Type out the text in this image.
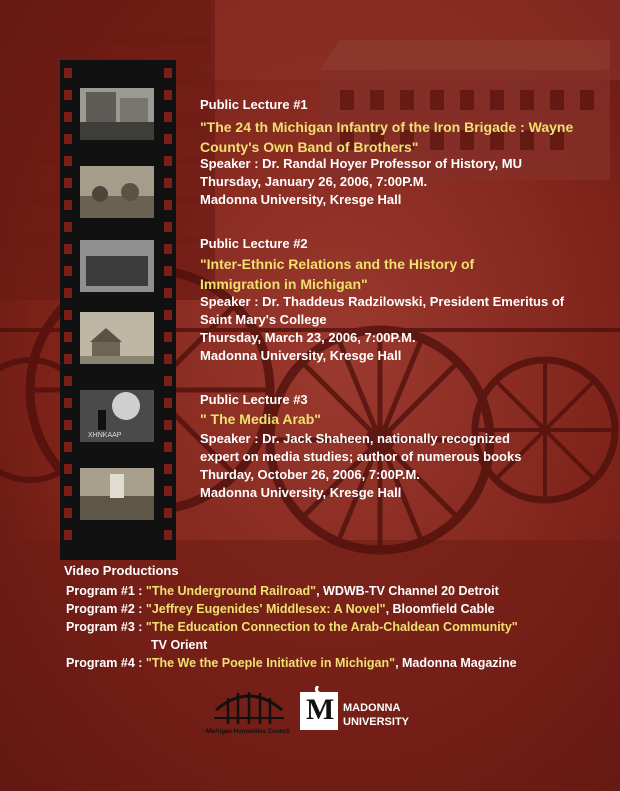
XHNKAAP
Public Lecture #1
"The 24 th Michigan Infantry of the Iron Brigade : Wayne County's Own Band of Brothers"
Speaker : Dr. Randal Hoyer Professor of History, MU
Thursday, January 26, 2006, 7:00P.M.
Madonna University, Kresge Hall
Public Lecture #2
"Inter-Ethnic Relations and the History of Immigration in Michigan"
Speaker : Dr. Thaddeus Radzilowski, President Emeritus of Saint Mary's College
Thursday, March 23, 2006, 7:00P.M.
Madonna University, Kresge Hall
Public Lecture #3
" The Media Arab"
Speaker : Dr. Jack Shaheen, nationally recognized expert on media studies; author of numerous books
Thurday, October 26, 2006, 7:00P.M.
Madonna University, Kresge Hall
Video Productions
Program #1 : "The Underground Railroad", WDWB-TV Channel 20 Detroit
Program #2 : "Jeffrey Eugenides' Middlesex: A Novel", Bloomfield Cable
Program #3 : "The Education Connection to the Arab-Chaldean Community"
TV Orient
Program #4 : "The We the Poeple Initiative in Michigan", Madonna Magazine
Michigan Humanities Council
M MADONNA
UNIVERSITY
